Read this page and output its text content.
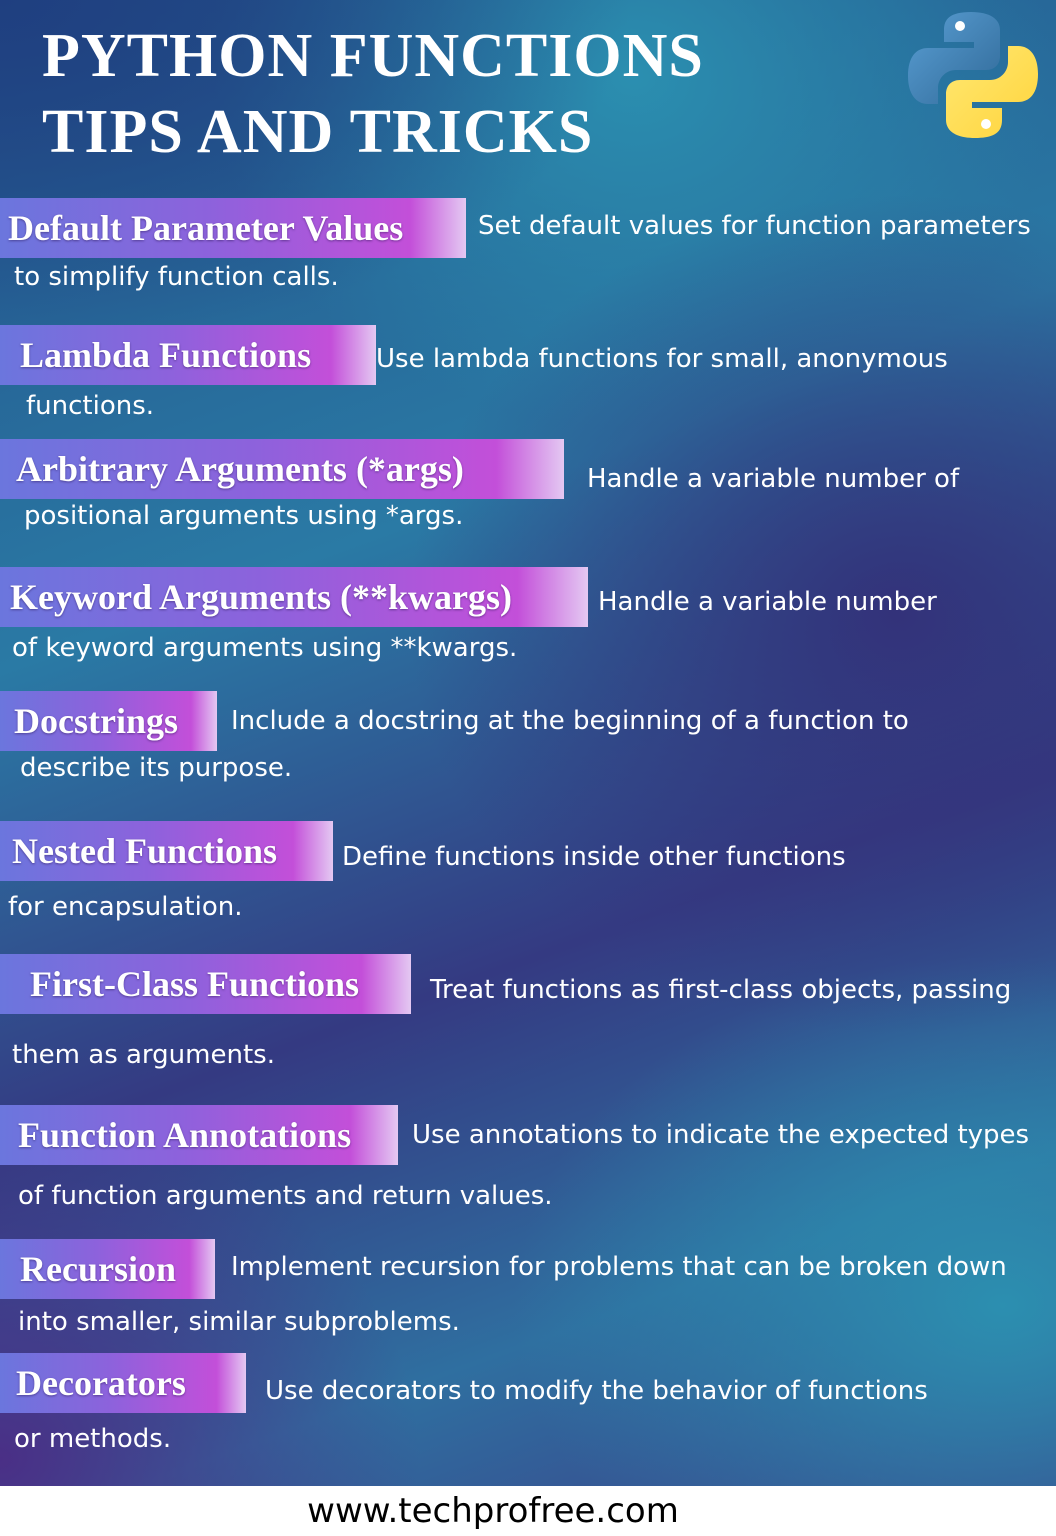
PYTHON FUNCTIONS
TIPS AND TRICKS
Default Parameter Values	Set default values for function parameters
to simplify function calls.
Lambda Functions Use lambda functions for small, anonymous
functions.
Arbitrary Arguments (*args)	Handle a variable number of
positional arguments using *args.
Keyword Arguments (**kwargs)	Handle a variable number
of keyword arguments using **kwargs.
Docstrings Include a docstring at the beginning of a function to
describe its purpose.
Nested Functions Define functions inside other functions
for encapsulation.
First-Class Functions	Treat functions as first-class objects, passing
them as arguments.
Function Annotations Use annotations to indicate the expected types
of function arguments and return values.
Recursion Implement recursion for problems that can be broken down
into smaller, similar subproblems.
Decorators	Use decorators to modify the behavior of functions
or methods.
www.techprofree.com
